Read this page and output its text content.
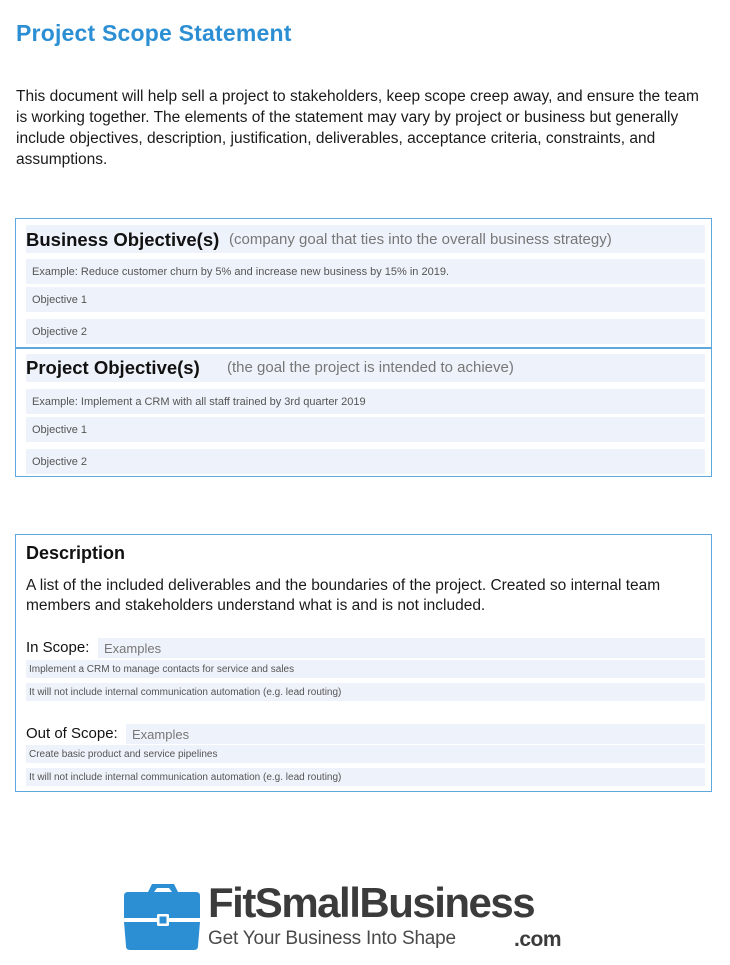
Project Scope Statement
This document will help sell a project to stakeholders, keep scope creep away, and ensure the team is working together. The elements of the statement may vary by project or business but generally include objectives, description, justification, deliverables, acceptance criteria, constraints, and assumptions.
Business Objective(s) (company goal that ties into the overall business strategy)
Example: Reduce customer churn by 5% and increase new business by 15% in 2019.
Objective 1
Objective 2
Project Objective(s) (the goal the project is intended to achieve)
Example: Implement a CRM with all staff trained by 3rd quarter 2019
Objective 1
Objective 2
Description
A list of the included deliverables and the boundaries of the project. Created so internal team members and stakeholders understand what is and is not included.
In Scope: Examples
Implement a CRM to manage contacts for service and sales
It will not include internal communication automation (e.g. lead routing)
Out of Scope: Examples
Create basic product and service pipelines
It will not include internal communication automation (e.g. lead routing)
FitSmallBusiness
Get Your Business Into Shape	.com
